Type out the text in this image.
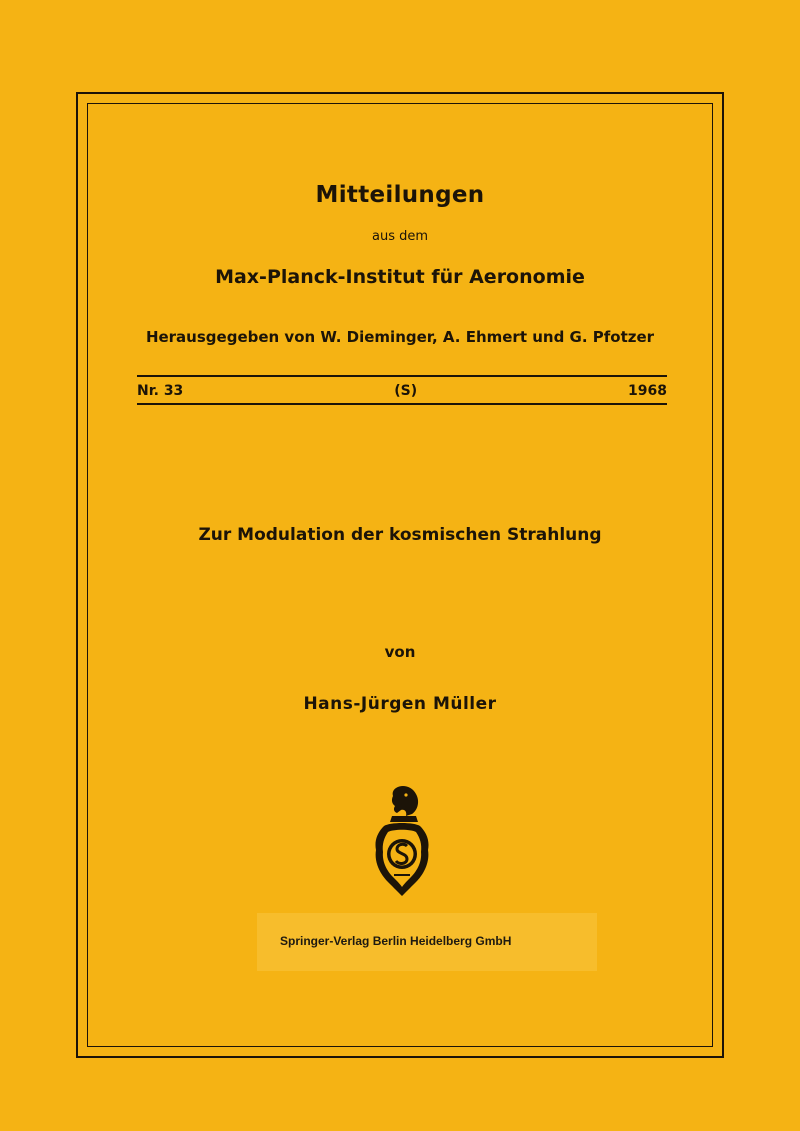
Mitteilungen
aus dem
Max-Planck-Institut für Aeronomie
Herausgegeben von W. Dieminger, A. Ehmert und G. Pfotzer
Nr. 33	(S)	1968
Zur Modulation der kosmischen Strahlung
von
Hans-Jürgen Müller
Springer-Verlag Berlin Heidelberg GmbH
